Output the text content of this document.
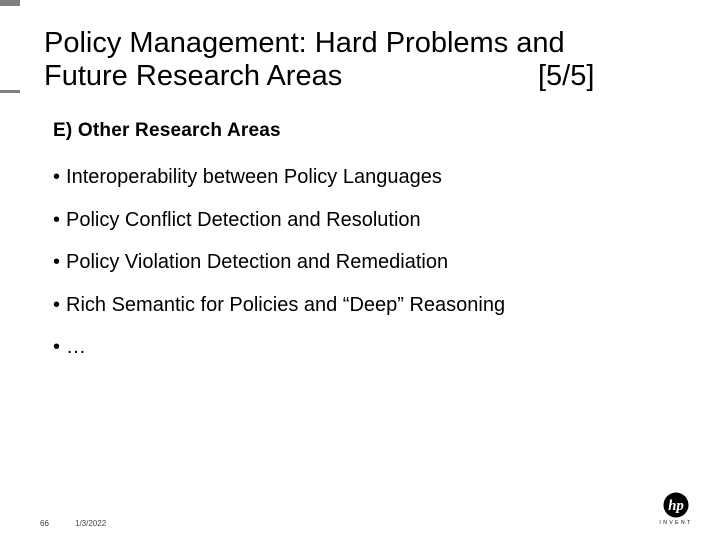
Policy Management: Hard Problems and
Future Research Areas	[5/5]
E) Other Research Areas
• Interoperability between Policy Languages
• Policy Conflict Detection and Resolution
• Policy Violation Detection and Remediation
• Rich Semantic for Policies and “Deep” Reasoning
• …
66	1/3/2022
hp
INVENT
